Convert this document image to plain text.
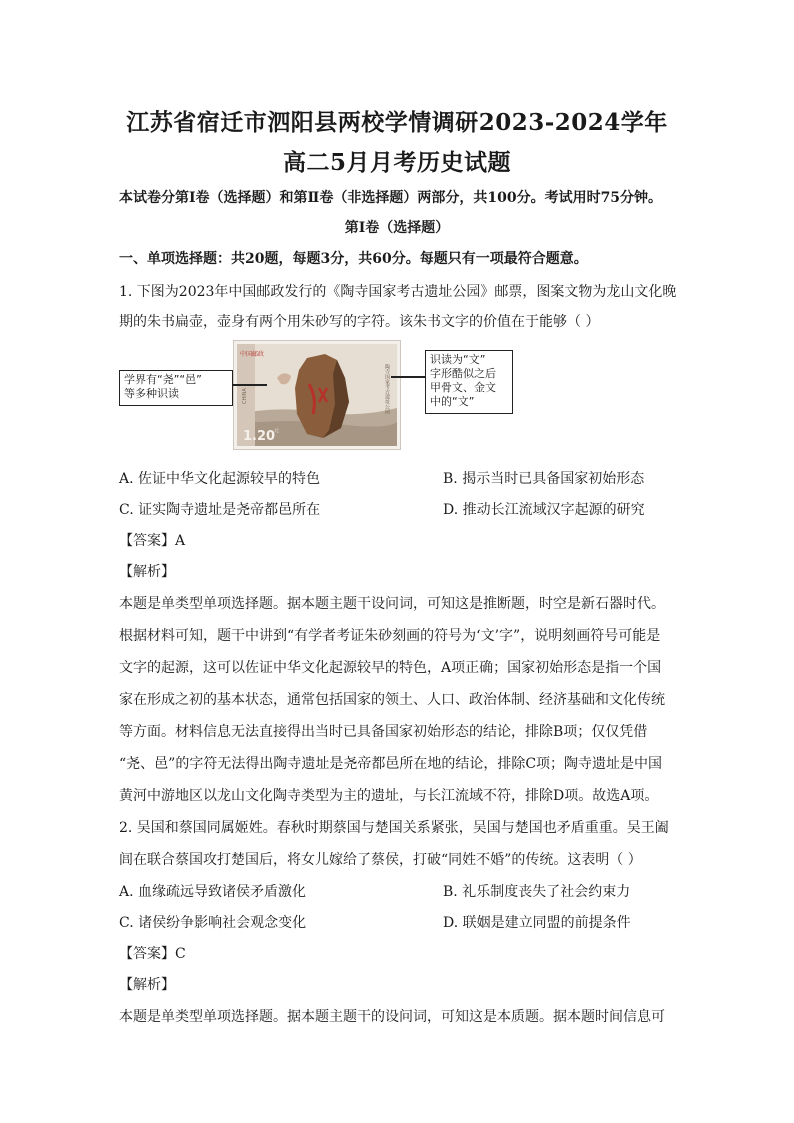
江苏省宿迁市泗阳县两校学情调研2023-2024学年
高二5月月考历史试题
本试卷分第Ⅰ卷（选择题）和第Ⅱ卷（非选择题）两部分，共100分。考试用时75分钟。
第Ⅰ卷（选择题）
一、单项选择题：共20题，每题3分，共60分。每题只有一项最符合题意。
1. 下图为2023年中国邮政发行的《陶寺国家考古遗址公园》邮票，图案文物为龙山文化晚
期的朱书扁壶，壶身有两个用朱砂写的字符。该朱书文字的价值在于能够（ ）
中国邮政
CHINA	陶寺国家考古遗址公园
1.20
元
学界有“尧”“邑”
等多种识读
识读为“文”
字形酷似之后
甲骨文、金文
中的“文”
A. 佐证中华文化起源较早的特色	B. 揭示当时已具备国家初始形态
C. 证实陶寺遗址是尧帝都邑所在	D. 推动长江流域汉字起源的研究
【答案】A
【解析】
本题是单类型单项选择题。据本题主题干设问词，可知这是推断题，时空是新石器时代。
根据材料可知，题干中讲到“有学者考证朱砂刻画的符号为‘文’字”，说明刻画符号可能是
文字的起源，这可以佐证中华文化起源较早的特色，A项正确；国家初始形态是指一个国
家在形成之初的基本状态，通常包括国家的领土、人口、政治体制、经济基础和文化传统
等方面。材料信息无法直接得出当时已具备国家初始形态的结论，排除B项；仅仅凭借
“尧、邑”的字符无法得出陶寺遗址是尧帝都邑所在地的结论，排除C项；陶寺遗址是中国
黄河中游地区以龙山文化陶寺类型为主的遗址，与长江流域不符，排除D项。故选A项。
2. 吴国和蔡国同属姬姓。春秋时期蔡国与楚国关系紧张，吴国与楚国也矛盾重重。吴王阖
闾在联合蔡国攻打楚国后，将女儿嫁给了蔡侯，打破“同姓不婚”的传统。这表明（ ）
A. 血缘疏远导致诸侯矛盾激化	B. 礼乐制度丧失了社会约束力
C. 诸侯纷争影响社会观念变化	D. 联姻是建立同盟的前提条件
【答案】C
【解析】
本题是单类型单项选择题。据本题主题干的设问词，可知这是本质题。据本题时间信息可
